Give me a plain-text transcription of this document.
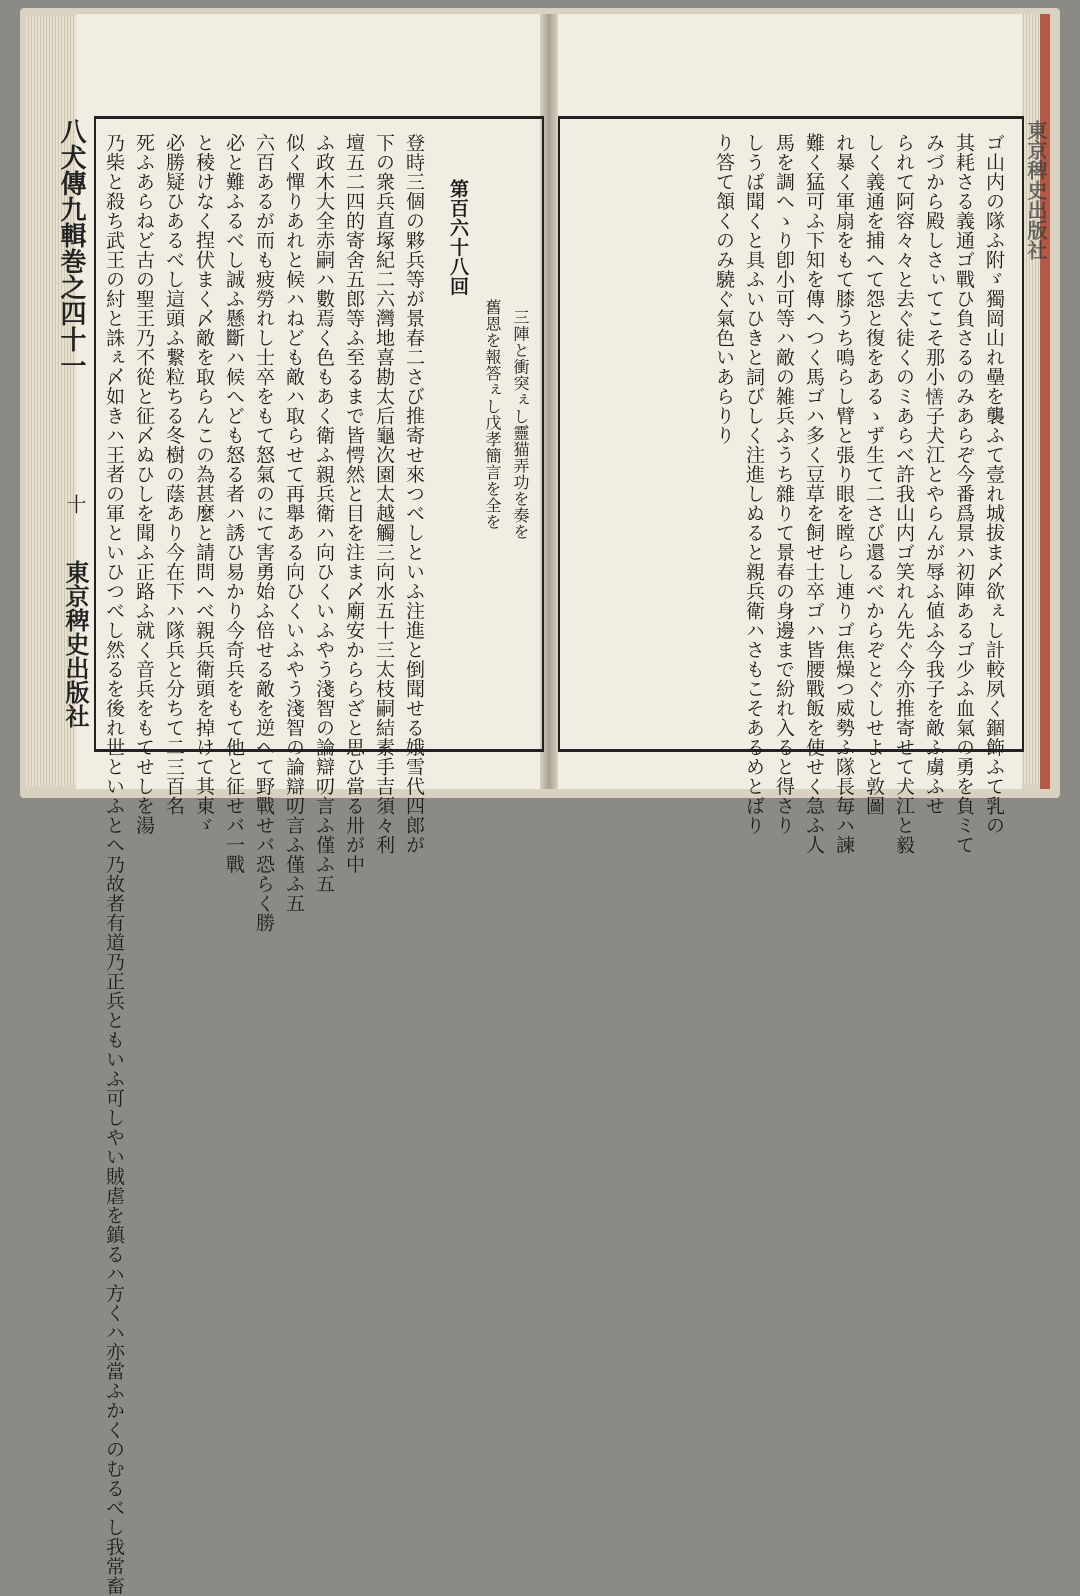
八犬傳九輯巻之四十一
十
東京稗史出版社 乃柴と殺ち武王の紂と誅ぇ〆如きハ王者の軍といひつべし然るを後れ世といふとへ乃故者有道乃正兵ともいふ可しやい賊虐を鎮るハ方くハ亦當ふかくのむるべし我常畜 死ふあらねど古の聖王乃不從と征〆ぬひしを聞ふ正路ふ就く音兵をもてせしを湯 必勝疑ひあるべし這頭ふ繋粒ちる冬樹の蔭あり今在下ハ隊兵と分ちて二三百名 と稜けなく捏伏まく〆敵を取らんこの為甚麼と請問へべ親兵衛頭を掉けて其東ゞ 必と難ふるべし誠ふ懸斷ハ候へども怒る者ハ誘ひ易かり今奇兵をもて他と征せバ一戰 六百あるが而も疲勞れし士卒をもて怒氣のにて害勇始ふ倍せる敵を逆へて野戰せバ恐らく勝 似く憚りあれと候ハねども敵ハ取らせて再舉ある向ひくいふやう淺智の論辯叨言ふ僅ふ五 ふ政木大全赤嗣ハ數焉く色もあく衛ふ親兵衛ハ向ひくいふやう淺智の論辯叨言ふ僅ふ五 壇五二四的寄舍五郎等ふ至るまで皆愕然と目を注ま〆廟安かららざと思ひ當る卅が中 下の衆兵直塚紀二六灣地喜勘太后龜次園太越觸三向水五十三太枝嗣結素手吉須々利 登時三個の夥兵等が景春二さび推寄せ來つべしといふ注進と倒聞せる娥雪代四郎が 第百六十八回
舊恩を報答ぇし戊孝簡言を全を 三陣と衝突ぇし靈猫弄功を奏を	り答て頷くのみ驍ぐ氣色いあらりり しうば聞くと具ふいひきと詞びしく注進しぬると親兵衛ハさもこそあるめとばり 馬を調へゝり卽小可等ハ敵の雑兵ふうち雜りて景春の身邊まで紛れ入ると得さり 難く猛可ふ下知を傳へつく馬ゴハ多く豆草を飼せ士卒ゴハ皆腰戰飯を使せく急ふ人 れ暴く軍扇をもて膝うち鳴らし臂と張り眼を瞠らし連りゴ焦燥つ威勢ふ隊長毎ハ諫 しく義通を捕へて怨と復をあるゝず生て二さび還るべからぞとぐしせよと敦圖 られて阿容々々と去ぐ徒くのミあらべ許我山内ゴ笑れん先ぐ今亦推寄せて犬江と毅 みづから殿しさぃてこそ那小𢢆子犬江とやらんが辱ふ値ふ今我子を敵ふ虜ふせ 其耗さる義通ゴ戰ひ負さるのみあらぞ今番爲景ハ初陣あるゴ少ふ血氣の勇を負ミて ゴ山内の隊ふ附ゞ獨岡山れ壘を襲ふて壹れ城拔ま〆欲ぇし計較夙く錮飾ふて乳の 東京稗史出版社
